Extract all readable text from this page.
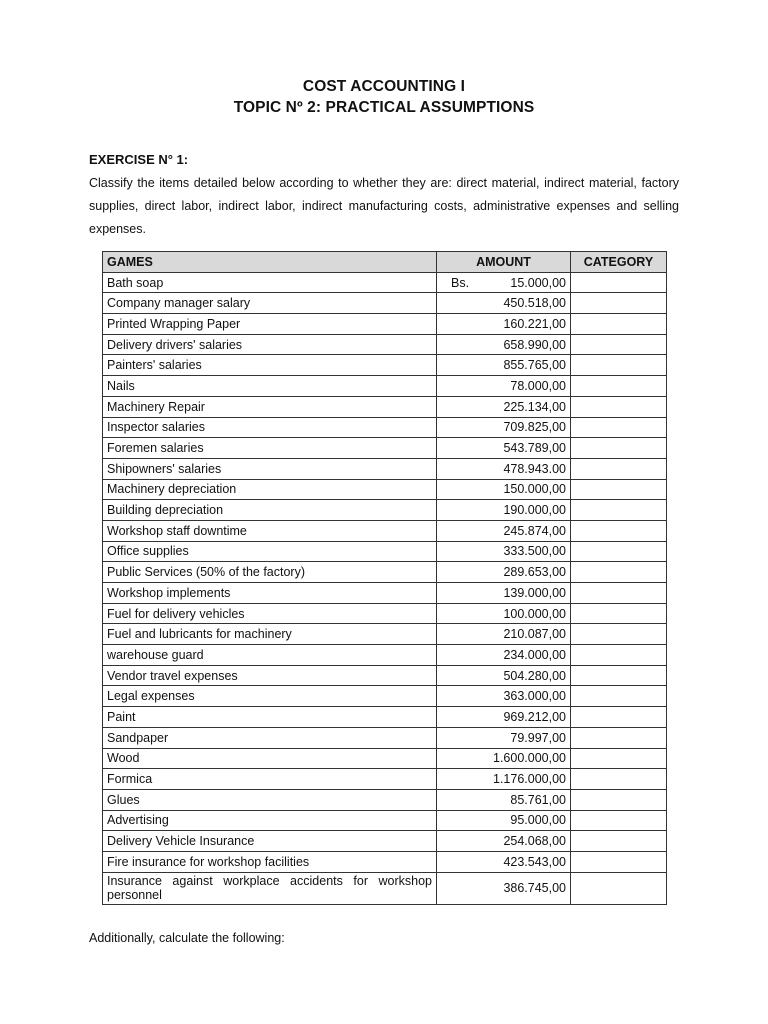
COST ACCOUNTING I
TOPIC Nº 2: PRACTICAL ASSUMPTIONS
EXERCISE N° 1:
Classify the items detailed below according to whether they are: direct material, indirect material, factory supplies, direct labor, indirect labor, indirect manufacturing costs, administrative expenses and selling expenses.
GAMES	AMOUNT	CATEGORY
Bath soap	Bs. 15.000,00	
Company manager salary	450.518,00	
Printed Wrapping Paper	160.221,00	
Delivery drivers' salaries	658.990,00	
Painters' salaries	855.765,00	
Nails	78.000,00	
Machinery Repair	225.134,00	
Inspector salaries	709.825,00	
Foremen salaries	543.789,00	
Shipowners' salaries	478.943.00	
Machinery depreciation	150.000,00	
Building depreciation	190.000,00	
Workshop staff downtime	245.874,00	
Office supplies	333.500,00	
Public Services (50% of the factory)	289.653,00	
Workshop implements	139.000,00	
Fuel for delivery vehicles	100.000,00	
Fuel and lubricants for machinery	210.087,00	
warehouse guard	234.000,00	
Vendor travel expenses	504.280,00	
Legal expenses	363.000,00	
Paint	969.212,00	
Sandpaper	79.997,00	
Wood	1.600.000,00	
Formica	1.176.000,00	
Glues	85.761,00	
Advertising	95.000,00	
Delivery Vehicle Insurance	254.068,00	
Fire insurance for workshop facilities	423.543,00	
Insurance against workplace accidents for workshop personnel	386.745,00	
Additionally, calculate the following:
